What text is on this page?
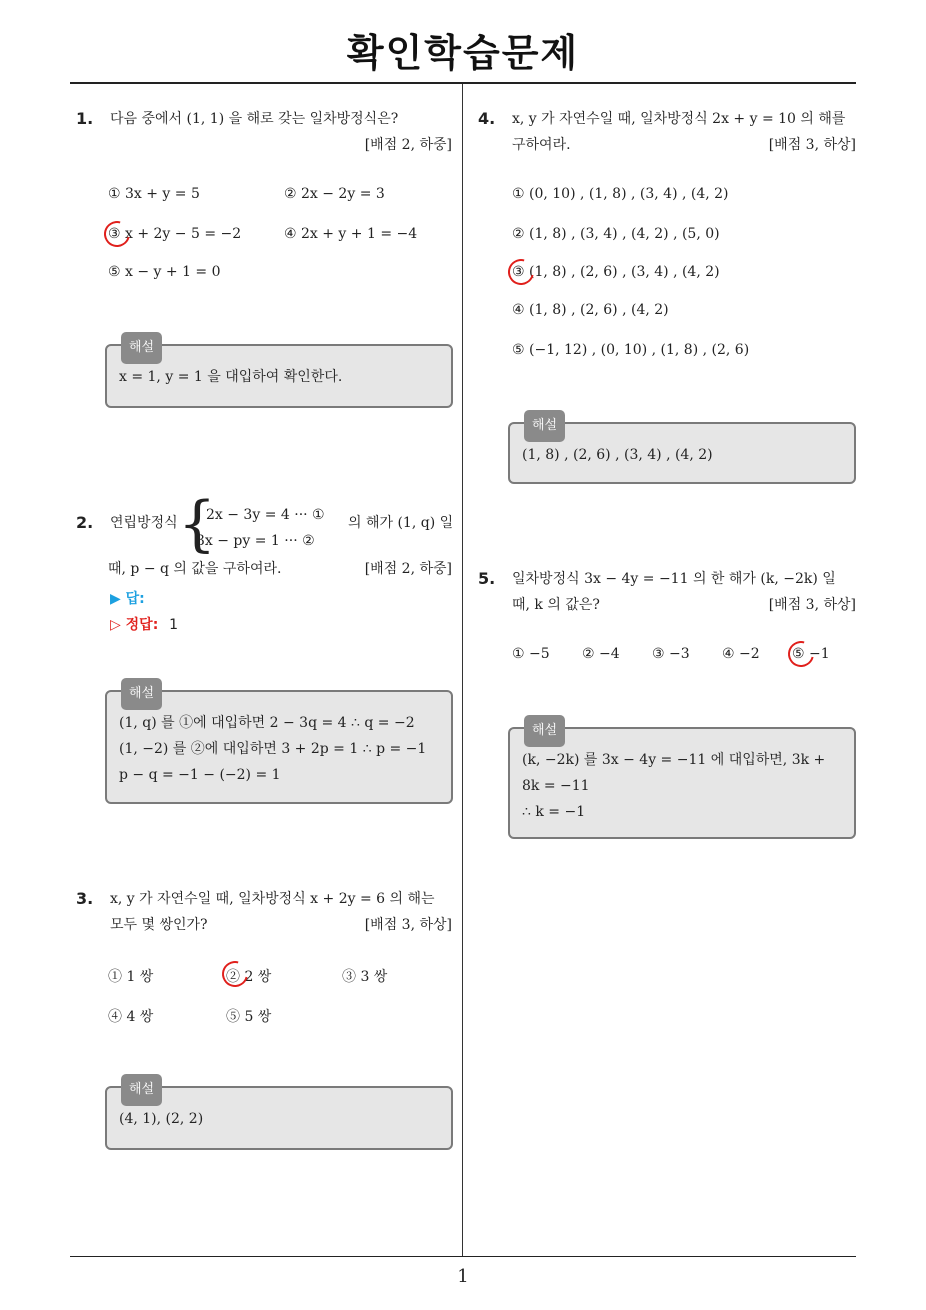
확인학습문제
1
1. 다음 중에서 (1, 1) 을 해로 갖는 일차방정식은?
[배점 2, 하중]
① 3x + y = 5	② 2x − 2y = 3
③ x + 2y − 5 = −2	④ 2x + y + 1 = −4
⑤ x − y + 1 = 0
해설
x = 1, y = 1 을 대입하여 확인한다.
2. 연립방정식	의 해가 (1, q) 일
{
2x − 3y = 4 ··· ①
3x − py = 1 ··· ②
때, p − q 의 값을 구하여라.	[배점 2, 하중]
▶ 답:
▷ 정답: 1
해설
(1, q) 를 ①에 대입하면 2 − 3q = 4 ∴ q = −2
(1, −2) 를 ②에 대입하면 3 + 2p = 1 ∴ p = −1
p − q = −1 − (−2) = 1
3. x, y 가 자연수일 때, 일차방정식 x + 2y = 6 의 해는
모두 몇 쌍인가?	[배점 3, 하상]
① 1 쌍	② 2 쌍	③ 3 쌍
④ 4 쌍	⑤ 5 쌍
해설
(4, 1), (2, 2)
4. x, y 가 자연수일 때, 일차방정식 2x + y = 10 의 해를
구하여라.	[배점 3, 하상]
① (0, 10) , (1, 8) , (3, 4) , (4, 2)
② (1, 8) , (3, 4) , (4, 2) , (5, 0)
③ (1, 8) , (2, 6) , (3, 4) , (4, 2)
④ (1, 8) , (2, 6) , (4, 2)
⑤ (−1, 12) , (0, 10) , (1, 8) , (2, 6)
해설
(1, 8) , (2, 6) , (3, 4) , (4, 2)
5. 일차방정식 3x − 4y = −11 의 한 해가 (k, −2k) 일
때, k 의 값은?	[배점 3, 하상]
① −5 ② −4 ③ −3 ④ −2 ⑤ −1
해설
(k, −2k) 를 3x − 4y = −11 에 대입하면, 3k +
8k = −11
∴ k = −1
